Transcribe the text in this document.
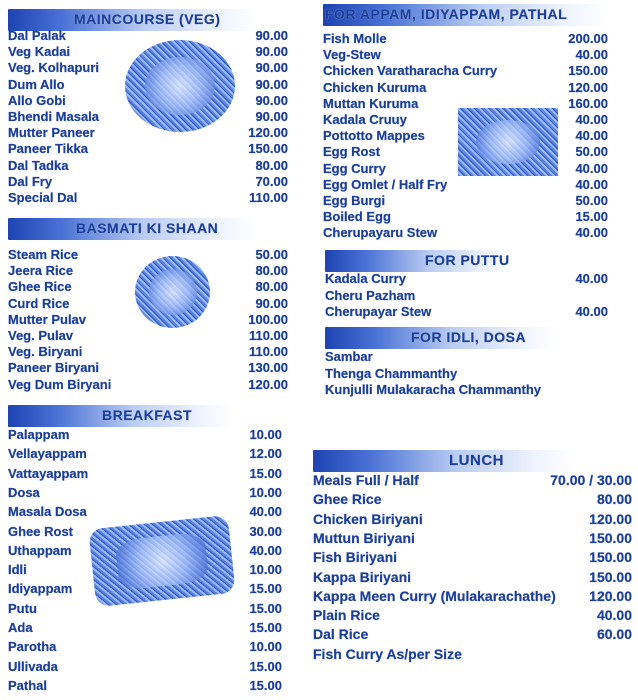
MAINCOURSE (VEG)
Dal Palak	90.00
Veg Kadai	90.00
Veg. Kolhapuri	90.00
Dum Allo	90.00
Allo Gobi	90.00
Bhendi Masala	90.00
Mutter Paneer	120.00
Paneer Tikka	150.00
Dal Tadka	80.00
Dal Fry	70.00
Special Dal	110.00
BASMATI KI SHAAN
Steam Rice	50.00
Jeera Rice	80.00
Ghee Rice	80.00
Curd Rice	90.00
Mutter Pulav	100.00
Veg. Pulav	110.00
Veg. Biryani	110.00
Paneer Biryani	130.00
Veg Dum Biryani	120.00
BREAKFAST
Palappam	10.00
Vellayappam	12.00
Vattayappam	15.00
Dosa	10.00
Masala Dosa	40.00
Ghee Rost	30.00
Uthappam	40.00
Idli	10.00
Idiyappam	15.00
Putu	15.00
Ada	15.00
Parotha	10.00
Ullivada	15.00
Pathal	15.00
FOR APPAM, IDIYAPPAM, PATHAL
Fish Molle	200.00
Veg-Stew	40.00
Chicken Varatharacha Curry	150.00
Chicken Kuruma	120.00
Muttan Kuruma	160.00
Kadala Cruuy	40.00
Pottotto Mappes	40.00
Egg Rost	50.00
Egg Curry	40.00
Egg Omlet / Half Fry	40.00
Egg Burgi	50.00
Boiled Egg	15.00
Cherupayaru Stew	40.00
FOR PUTTU
Kadala Curry	40.00
Cheru Pazham
Cherupayar Stew	40.00
FOR IDLI, DOSA
Sambar
Thenga Chammanthy
Kunjulli Mulakaracha Chammanthy
LUNCH
Meals Full / Half	70.00 / 30.00
Ghee Rice	80.00
Chicken Biriyani	120.00
Muttun Biriyani	150.00
Fish Biriyani	150.00
Kappa Biriyani	150.00
Kappa Meen Curry (Mulakarachathe) 120.00
Plain Rice	40.00
Dal Rice	60.00
Fish Curry As/per Size
